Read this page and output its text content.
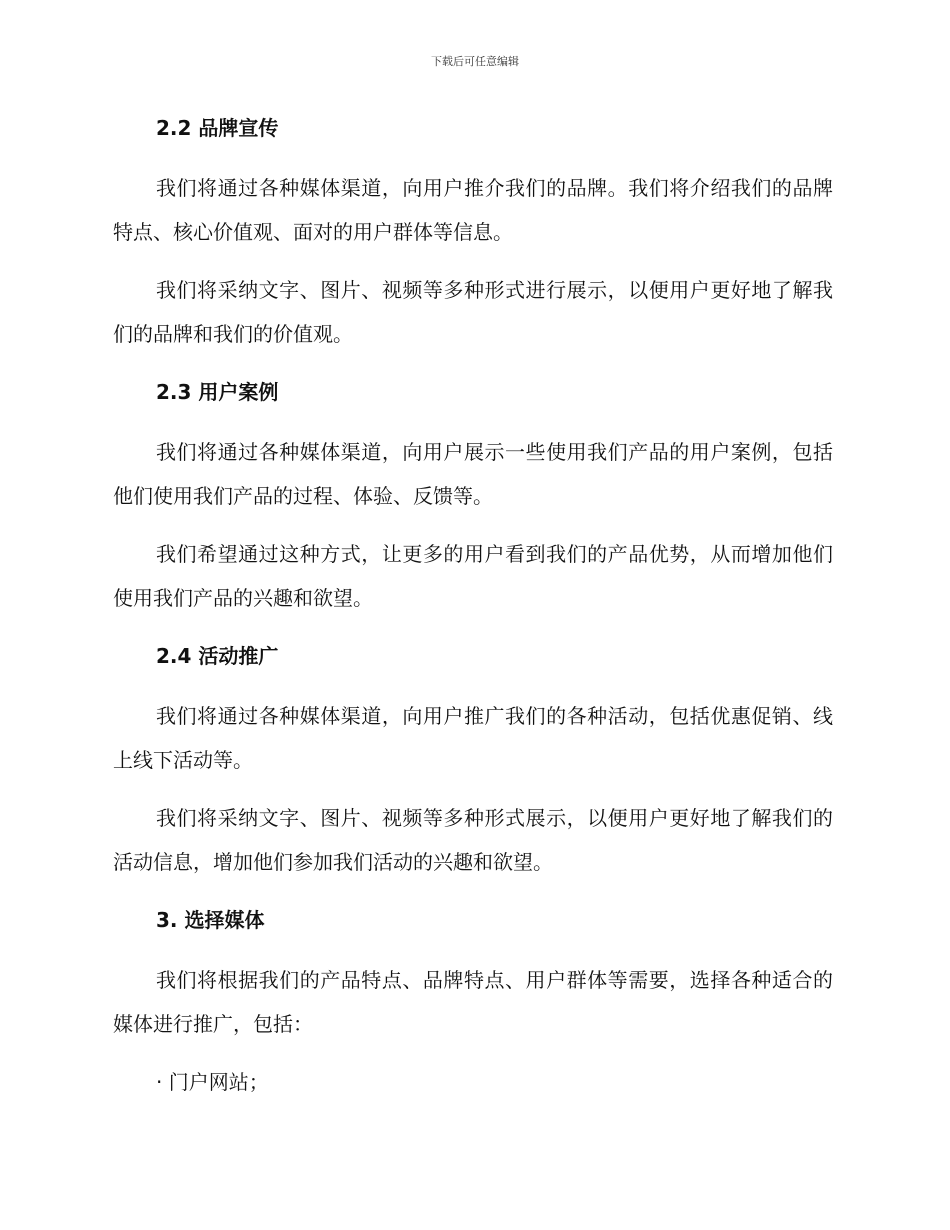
下载后可任意编辑
2.2 品牌宣传

我们将通过各种媒体渠道，向用户推介我们的品牌。我们将介绍我们的品牌特点、核心价值观、面对的用户群体等信息。

我们将采纳文字、图片、视频等多种形式进行展示，以便用户更好地了解我们的品牌和我们的价值观。

2.3 用户案例

我们将通过各种媒体渠道，向用户展示一些使用我们产品的用户案例，包括他们使用我们产品的过程、体验、反馈等。

我们希望通过这种方式，让更多的用户看到我们的产品优势，从而增加他们使用我们产品的兴趣和欲望。

2.4 活动推广

我们将通过各种媒体渠道，向用户推广我们的各种活动，包括优惠促销、线上线下活动等。

我们将采纳文字、图片、视频等多种形式展示，以便用户更好地了解我们的活动信息，增加他们参加我们活动的兴趣和欲望。

3. 选择媒体

我们将根据我们的产品特点、品牌特点、用户群体等需要，选择各种适合的媒体进行推广，包括：

· 门户网站；
